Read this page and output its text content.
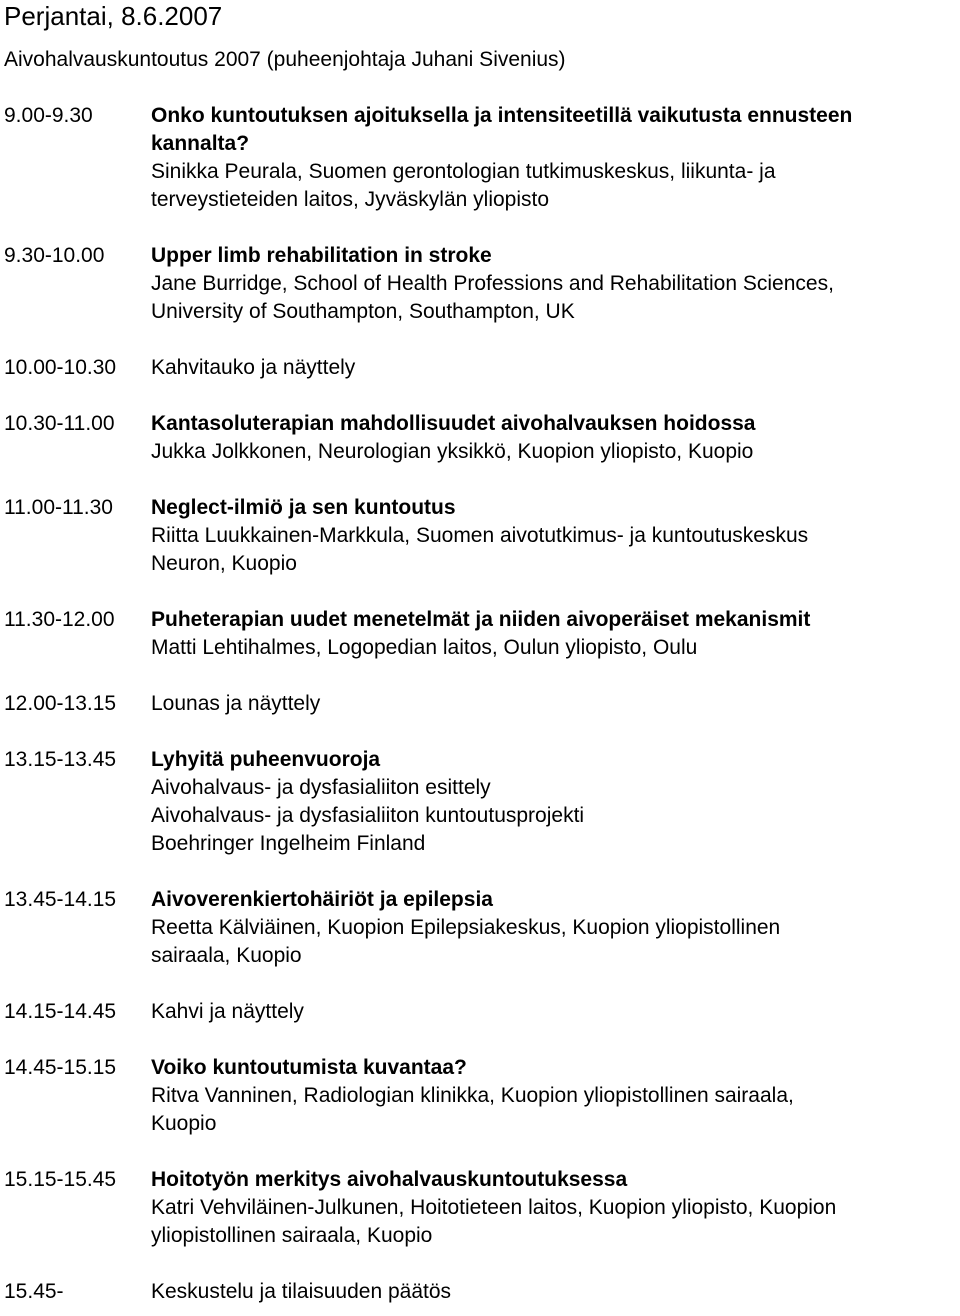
Perjantai, 8.6.2007
Aivohalvauskuntoutus 2007 (puheenjohtaja Juhani Sivenius)
9.00-9.30	Onko kuntoutuksen ajoituksella ja intensiteetillä vaikutusta ennusteen
kannalta?
Sinikka Peurala, Suomen gerontologian tutkimuskeskus, liikunta- ja
terveystieteiden laitos, Jyväskylän yliopisto
9.30-10.00	Upper limb rehabilitation in stroke
Jane Burridge, School of Health Professions and Rehabilitation Sciences,
University of Southampton, Southampton, UK
10.00-10.30	Kahvitauko ja näyttely
10.30-11.00	Kantasoluterapian mahdollisuudet aivohalvauksen hoidossa
Jukka Jolkkonen, Neurologian yksikkö, Kuopion yliopisto, Kuopio
11.00-11.30	Neglect-ilmiö ja sen kuntoutus
Riitta Luukkainen-Markkula, Suomen aivotutkimus- ja kuntoutuskeskus
Neuron, Kuopio
11.30-12.00	Puheterapian uudet menetelmät ja niiden aivoperäiset mekanismit
Matti Lehtihalmes, Logopedian laitos, Oulun yliopisto, Oulu
12.00-13.15	Lounas ja näyttely
13.15-13.45	Lyhyitä puheenvuoroja
Aivohalvaus- ja dysfasialiiton esittely
Aivohalvaus- ja dysfasialiiton kuntoutusprojekti
Boehringer Ingelheim Finland
13.45-14.15	Aivoverenkiertohäiriöt ja epilepsia
Reetta Kälviäinen, Kuopion Epilepsiakeskus, Kuopion yliopistollinen
sairaala, Kuopio
14.15-14.45	Kahvi ja näyttely
14.45-15.15	Voiko kuntoutumista kuvantaa?
Ritva Vanninen, Radiologian klinikka, Kuopion yliopistollinen sairaala,
Kuopio
15.15-15.45	Hoitotyön merkitys aivohalvauskuntoutuksessa
Katri Vehviläinen-Julkunen, Hoitotieteen laitos, Kuopion yliopisto, Kuopion
yliopistollinen sairaala, Kuopio
15.45-	Keskustelu ja tilaisuuden päätös
